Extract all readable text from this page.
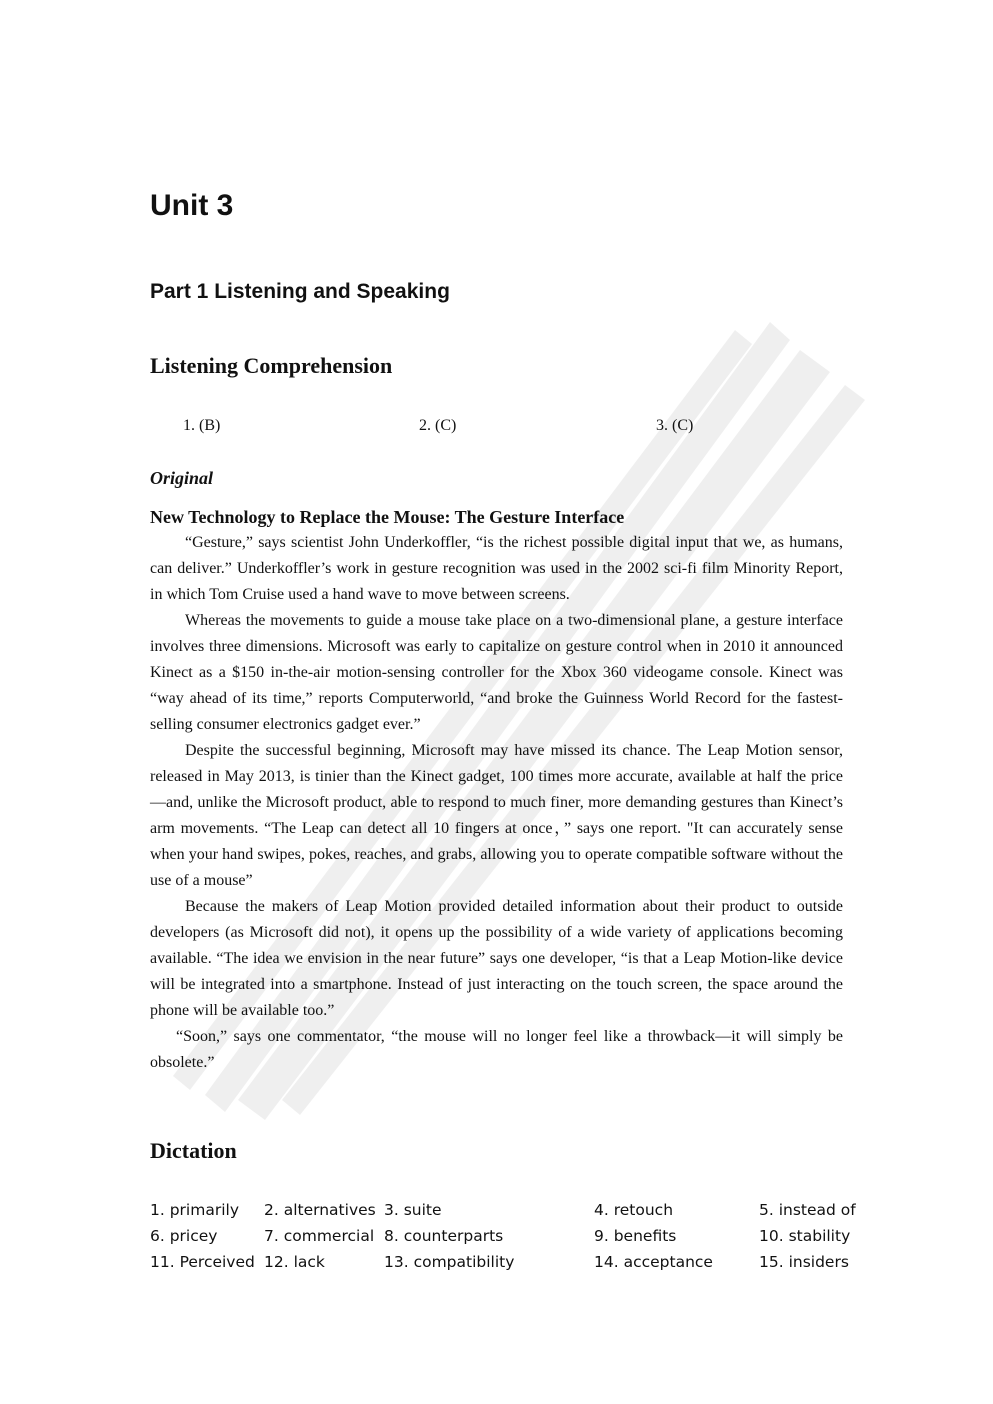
Unit 3
Part 1 Listening and Speaking
Listening Comprehension
1. (B)	2. (C)	3. (C)
Original
New Technology to Replace the Mouse: The Gesture Interface

“Gesture,” says scientist John Underkoffler, “is the richest possible digital input that we, as humans, can deliver.” Underkoffler’s work in gesture recognition was used in the 2002 sci-fi film Minority Report, in which Tom Cruise used a hand wave to move between screens.

Whereas the movements to guide a mouse take place on a two-dimensional plane, a gesture interface involves three dimensions. Microsoft was early to capitalize on gesture control when in 2010 it announced Kinect as a $150 in-the-air motion-sensing controller for the Xbox 360 videogame console. Kinect was “way ahead of its time,” reports Computerworld, “and broke the Guinness World Record for the fastest-selling consumer electronics gadget ever.”

Despite the successful beginning, Microsoft may have missed its chance. The Leap Motion sensor, released in May 2013, is tinier than the Kinect gadget, 100 times more accurate, available at half the price—and, unlike the Microsoft product, able to respond to much finer, more demanding gestures than Kinect’s arm movements. “The Leap can detect all 10 fingers at once，” says one report. "It can accurately sense when your hand swipes, pokes, reaches, and grabs, allowing you to operate compatible software without the use of a mouse”

Because the makers of Leap Motion provided detailed information about their product to outside developers (as Microsoft did not), it opens up the possibility of a wide variety of applications becoming available. “The idea we envision in the near future” says one developer, “is that a Leap Motion-like device will be integrated into a smartphone. Instead of just interacting on the touch screen, the space around the phone will be available too.”

“Soon,” says one commentator, “the mouse will no longer feel like a throwback—it will simply be obsolete.”

Dictation
1. primarily 2. alternatives 3. suite	4. retouch	5. instead of
6. pricey	7. commercial 8. counterparts	9. benefits	10. stability
11. Perceived 12. lack	13. compatibility	14. acceptance	15. insiders
